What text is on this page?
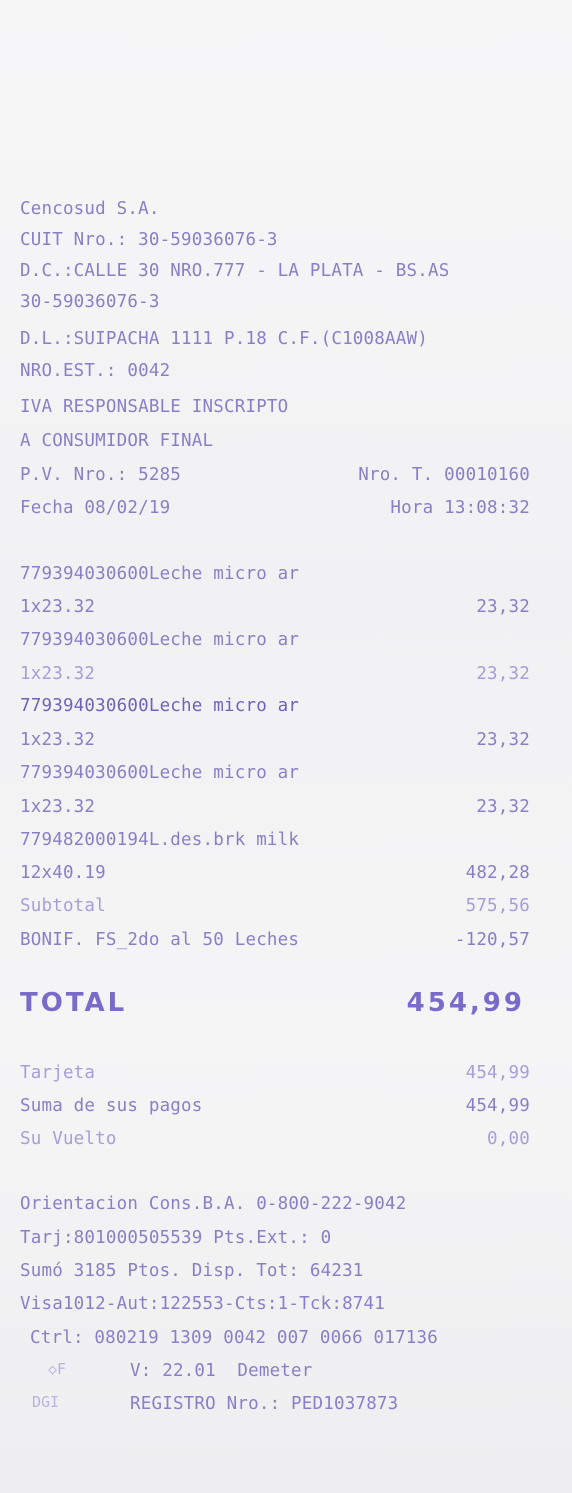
Cencosud S.A.
CUIT Nro.: 30-59036076-3
D.C.:CALLE 30 NRO.777 - LA PLATA - BS.AS
30-59036076-3
D.L.:SUIPACHA 1111 P.18 C.F.(C1008AAW)
NRO.EST.: 0042
IVA RESPONSABLE INSCRIPTO
A CONSUMIDOR FINAL
P.V. Nro.: 5285	Nro. T. 00010160
Fecha 08/02/19	Hora 13:08:32
779394030600Leche micro ar
1x23.32	23,32
779394030600Leche micro ar
1x23.32	23,32
779394030600Leche micro ar
1x23.32	23,32
779394030600Leche micro ar
1x23.32	23,32
779482000194L.des.brk milk
12x40.19	482,28
Subtotal	575,56
BONIF. FS_2do al 50 Leches	-120,57
TOTAL	454,99
Tarjeta	454,99
Suma de sus pagos	454,99
Su Vuelto	0,00
Orientacion Cons.B.A. 0-800-222-9042
Tarj:801000505539 Pts.Ext.: 0
Sumó 3185 Ptos. Disp. Tot: 64231
Visa1012-Aut:122553-Cts:1-Tck:8741
Ctrl: 080219 1309 0042 007 0066 017136
◇F	V: 22.01  Demeter
DGI	REGISTRO Nro.: PED1037873
